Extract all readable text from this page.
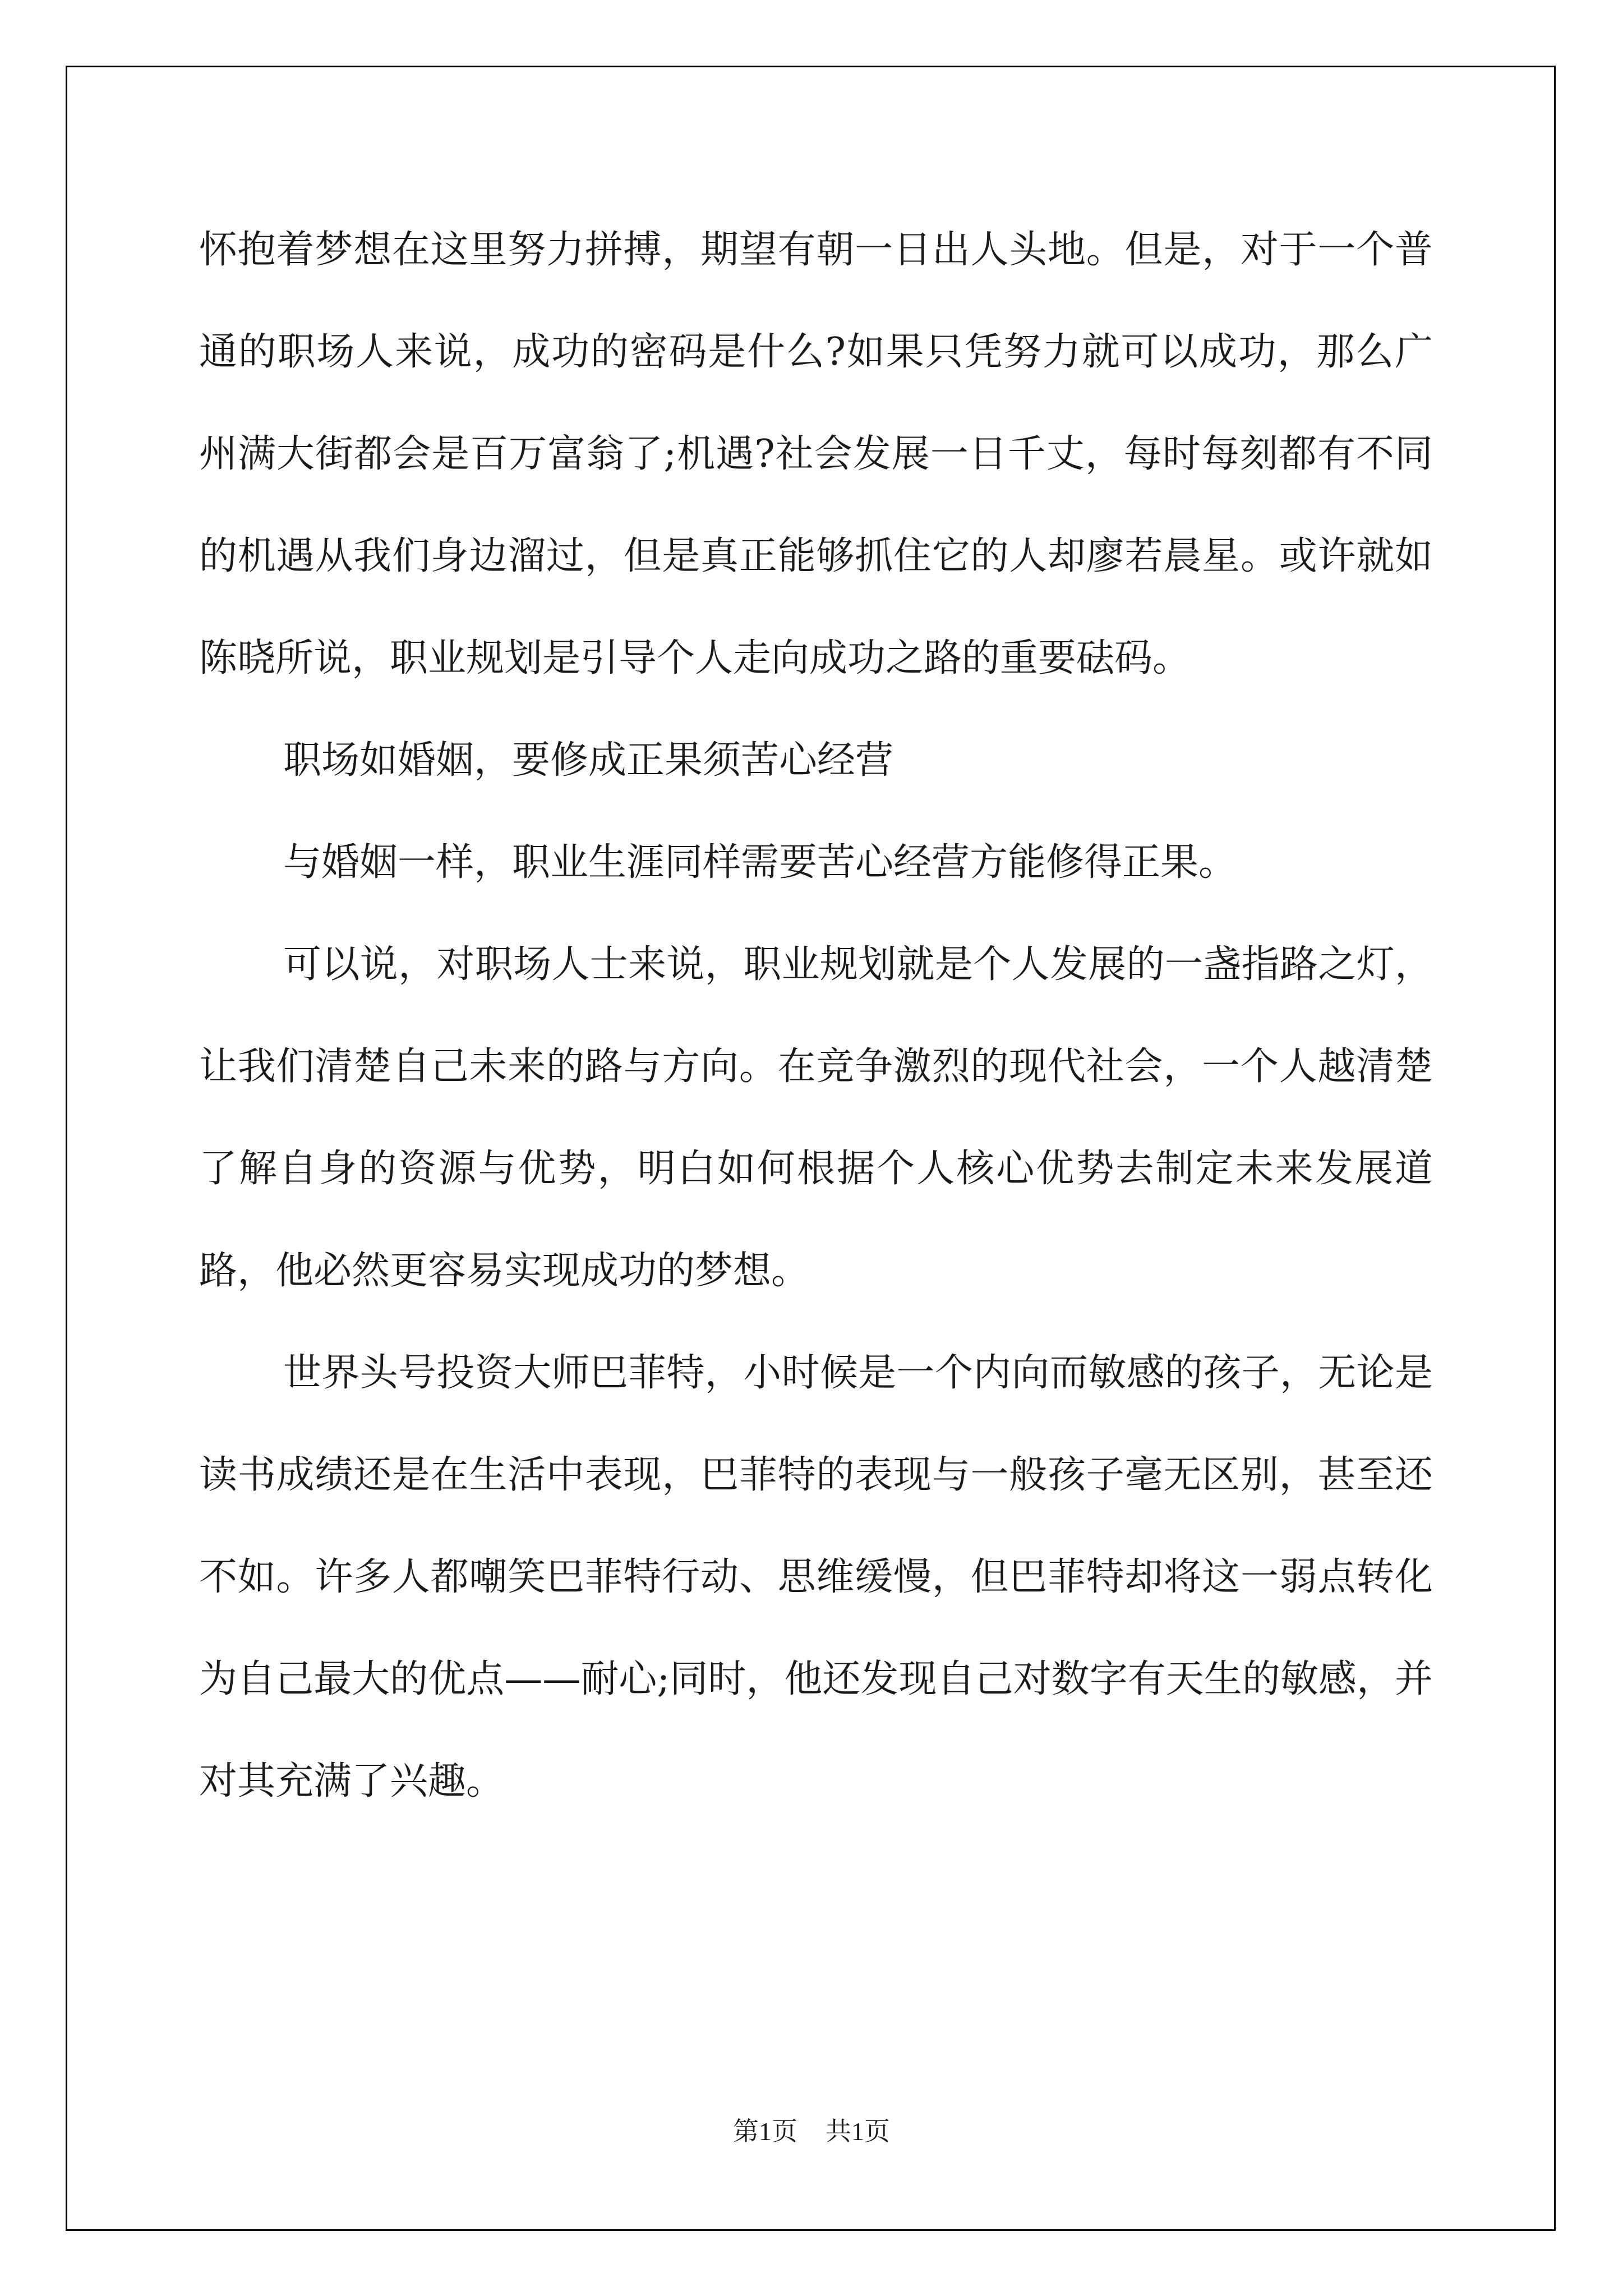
怀抱着梦想在这里努力拼搏，期望有朝一日出人头地。但是，对于一个普通的职场人来说，成功的密码是什么?如果只凭努力就可以成功，那么广州满大街都会是百万富翁了;机遇?社会发展一日千丈，每时每刻都有不同的机遇从我们身边溜过，但是真正能够抓住它的人却廖若晨星。或许就如陈晓所说，职业规划是引导个人走向成功之路的重要砝码。

职场如婚姻，要修成正果须苦心经营

与婚姻一样，职业生涯同样需要苦心经营方能修得正果。

可以说，对职场人士来说，职业规划就是个人发展的一盏指路之灯，让我们清楚自己未来的路与方向。在竞争激烈的现代社会，一个人越清楚了解自身的资源与优势，明白如何根据个人核心优势去制定未来发展道路，他必然更容易实现成功的梦想。

世界头号投资大师巴菲特，小时候是一个内向而敏感的孩子，无论是读书成绩还是在生活中表现，巴菲特的表现与一般孩子毫无区别，甚至还不如。许多人都嘲笑巴菲特行动、思维缓慢，但巴菲特却将这一弱点转化为自己最大的优点——耐心;同时，他还发现自己对数字有天生的敏感，并对其充满了兴趣。

第1页 共1页
